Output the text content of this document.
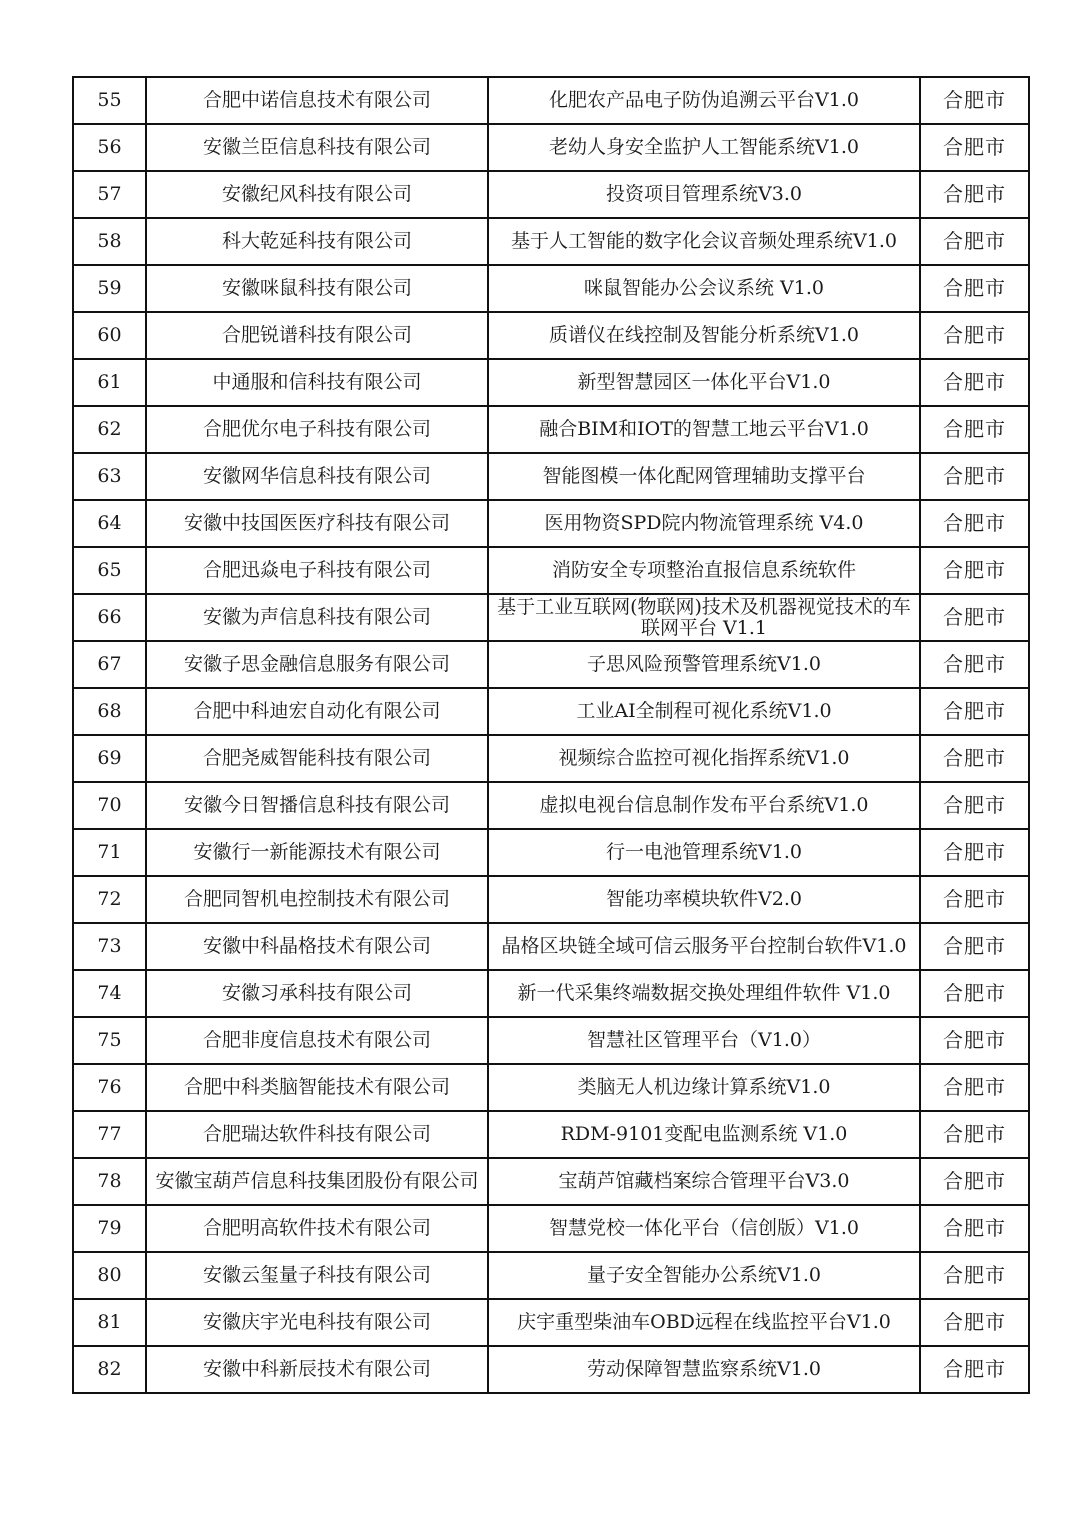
55	合肥中诺信息技术有限公司	化肥农产品电子防伪追溯云平台V1.0	合肥市
56	安徽兰臣信息科技有限公司	老幼人身安全监护人工智能系统V1.0	合肥市
57	安徽纪风科技有限公司	投资项目管理系统V3.0	合肥市
58	科大乾延科技有限公司	基于人工智能的数字化会议音频处理系统V1.0	合肥市
59	安徽咪鼠科技有限公司	咪鼠智能办公会议系统 V1.0	合肥市
60	合肥锐谱科技有限公司	质谱仪在线控制及智能分析系统V1.0	合肥市
61	中通服和信科技有限公司	新型智慧园区一体化平台V1.0	合肥市
62	合肥优尔电子科技有限公司	融合BIM和IOT的智慧工地云平台V1.0	合肥市
63	安徽网华信息科技有限公司	智能图模一体化配网管理辅助支撑平台	合肥市
64	安徽中技国医医疗科技有限公司	医用物资SPD院内物流管理系统 V4.0	合肥市
65	合肥迅焱电子科技有限公司	消防安全专项整治直报信息系统软件	合肥市
66	安徽为声信息科技有限公司	基于工业互联网(物联网)技术及机器视觉技术的车联网平台 V1.1	合肥市
67	安徽子思金融信息服务有限公司	子思风险预警管理系统V1.0	合肥市
68	合肥中科迪宏自动化有限公司	工业AI全制程可视化系统V1.0	合肥市
69	合肥尧威智能科技有限公司	视频综合监控可视化指挥系统V1.0	合肥市
70	安徽今日智播信息科技有限公司	虚拟电视台信息制作发布平台系统V1.0	合肥市
71	安徽行一新能源技术有限公司	行一电池管理系统V1.0	合肥市
72	合肥同智机电控制技术有限公司	智能功率模块软件V2.0	合肥市
73	安徽中科晶格技术有限公司	晶格区块链全域可信云服务平台控制台软件V1.0	合肥市
74	安徽习承科技有限公司	新一代采集终端数据交换处理组件软件 V1.0	合肥市
75	合肥非度信息技术有限公司	智慧社区管理平台（V1.0）	合肥市
76	合肥中科类脑智能技术有限公司	类脑无人机边缘计算系统V1.0	合肥市
77	合肥瑞达软件科技有限公司	RDM-9101变配电监测系统 V1.0	合肥市
78	安徽宝葫芦信息科技集团股份有限公司	宝葫芦馆藏档案综合管理平台V3.0	合肥市
79	合肥明高软件技术有限公司	智慧党校一体化平台（信创版）V1.0	合肥市
80	安徽云玺量子科技有限公司	量子安全智能办公系统V1.0	合肥市
81	安徽庆宇光电科技有限公司	庆宇重型柴油车OBD远程在线监控平台V1.0	合肥市
82	安徽中科新辰技术有限公司	劳动保障智慧监察系统V1.0	合肥市
